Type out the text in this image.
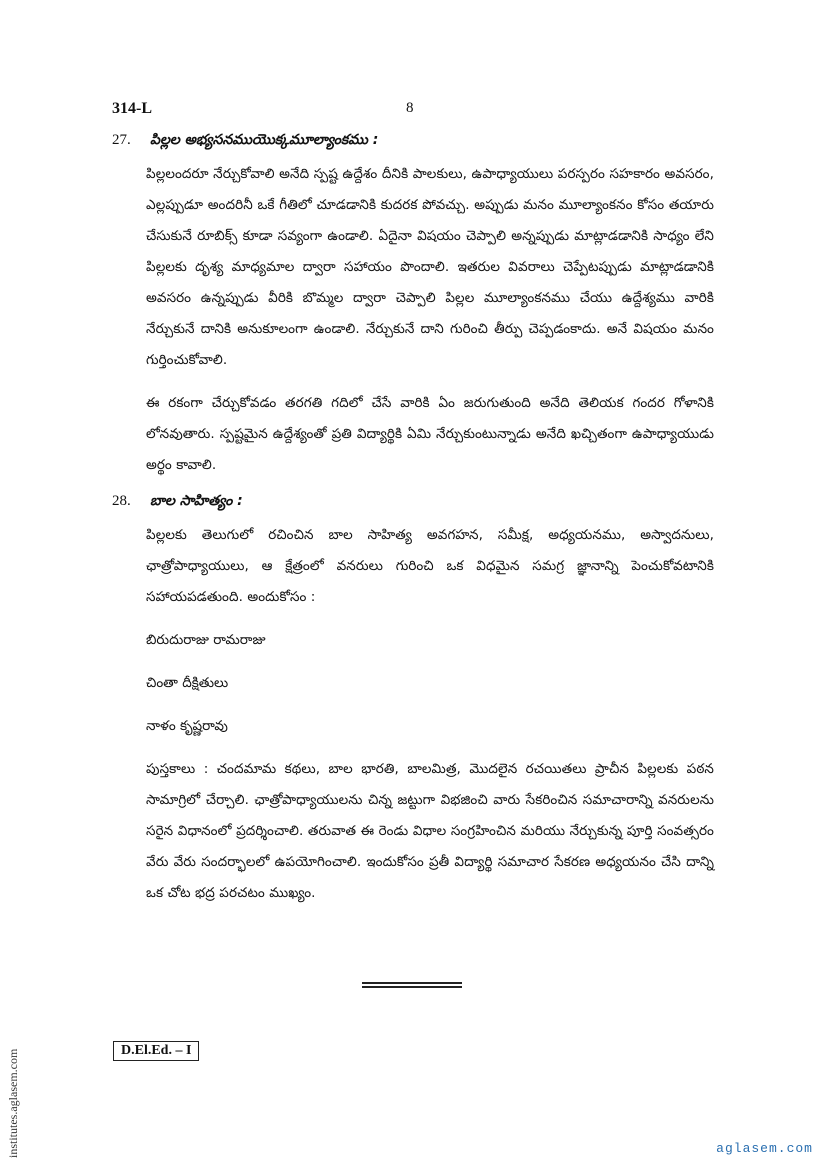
314-L	8
27.	పిల్లల అభ్యసనముయొక్కమూల్యాంకము :

పిల్లలందరూ నేర్చుకోవాలి అనేది స్పష్ట ఉద్దేశం దీనికి పాలకులు, ఉపాధ్యాయులు పరస్పరం సహకారం అవసరం, ఎల్లప్పుడూ అందరినీ ఒకే గీతిలో చూడడానికి కుదరక పోవచ్చు. అప్పుడు మనం మూల్యాంకనం కోసం తయారు చేసుకునే రూబిక్స్ కూడా సవ్యంగా ఉండాలి. ఏదైనా విషయం చెప్పాలి అన్నప్పుడు మాట్లాడడానికి సాధ్యం లేని పిల్లలకు దృశ్య మాధ్యమాల ద్వారా సహాయం పొందాలి. ఇతరుల వివరాలు చెప్పేటప్పుడు మాట్లాడడానికి అవసరం ఉన్నప్పుడు వీరికి బొమ్మల ద్వారా చెప్పాలి పిల్లల మూల్యాంకనము చేయు ఉద్దేశ్యము వారికి నేర్చుకునే దానికి అనుకూలంగా ఉండాలి. నేర్చుకునే దాని గురించి తీర్పు చెప్పడంకాదు. అనే విషయం మనం గుర్తించుకోవాలి.

ఈ రకంగా చేర్చుకోవడం తరగతి గదిలో చేసే వారికి ఏం జరుగుతుంది అనేది తెలియక గందర గోళానికి లోనవుతారు. స్పష్టమైన ఉద్దేశ్యంతో ప్రతి విద్యార్థికి ఏమి నేర్చుకుంటున్నాడు అనేది ఖచ్చితంగా ఉపాధ్యాయుడు అర్థం కావాలి.

28.	బాల సాహిత్యం :

పిల్లలకు తెలుగులో రచించిన బాల సాహిత్య అవగహన, సమీక్ష, అధ్యయనము, అస్వాదనులు, ఛాత్రోపాధ్యాయులు, ఆ క్షేత్రంలో వనరులు గురించి ఒక విధమైన సమగ్ర జ్ఞానాన్ని పెంచుకోవటానికి సహాయపడతుంది. అందుకోసం :

బిరుదురాజు రామరాజు
చింతా దీక్షితులు
నాళం కృష్ణరావు

పుస్తకాలు : చందమామ కథలు, బాల భారతి, బాలమిత్ర, మొదలైన రచయితలు ప్రాచీన పిల్లలకు పఠన సామాగ్రిలో చేర్చాలి. ఛాత్రోపాధ్యాయులను చిన్న జట్టుగా విభజించి వారు సేకరించిన సమాచారాన్ని వనరులను సరైన విధానంలో ప్రదర్శించాలి. తరువాత ఈ రెండు విధాల సంగ్రహించిన మరియు నేర్చుకున్న పూర్తి సంవత్సరం వేరు వేరు సందర్భాలలో ఉపయోగించాలి. ఇందుకోసం ప్రతీ విద్యార్థి సమాచార సేకరణ అధ్యయనం చేసి దాన్ని ఒక చోట భద్ర పరచటం ముఖ్యం.

D.El.Ed. – I
institutes.aglasem.com	aglasem.com
